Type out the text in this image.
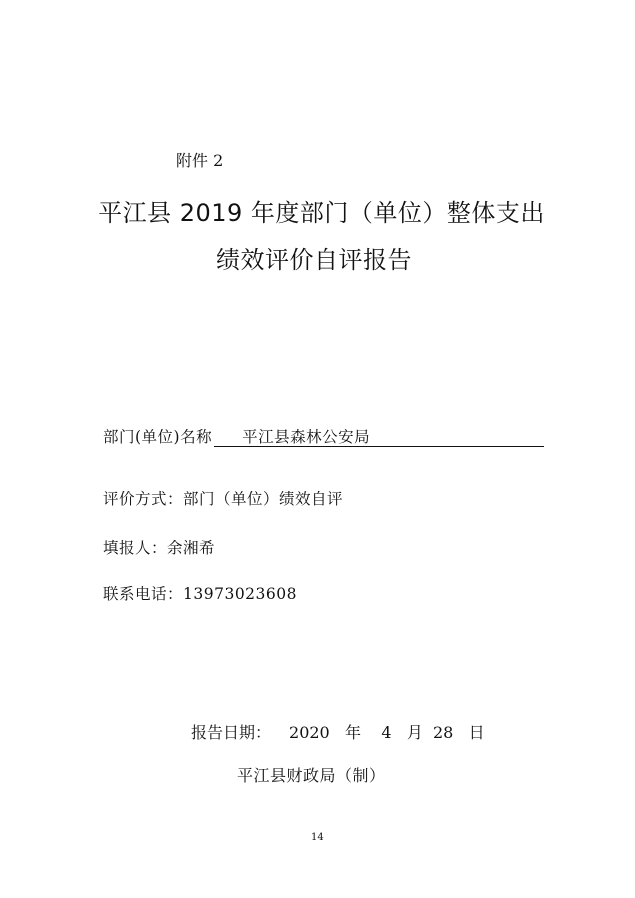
附件 2
平江县 2019 年度部门（单位）整体支出
绩效评价自评报告
部门(单位)名称 平江县森林公安局
评价方式：部门（单位）绩效自评
填报人：余湘希
联系电话：13973023608
报告日期： 2020 年 4 月 28 日
平江县财政局（制）
14
